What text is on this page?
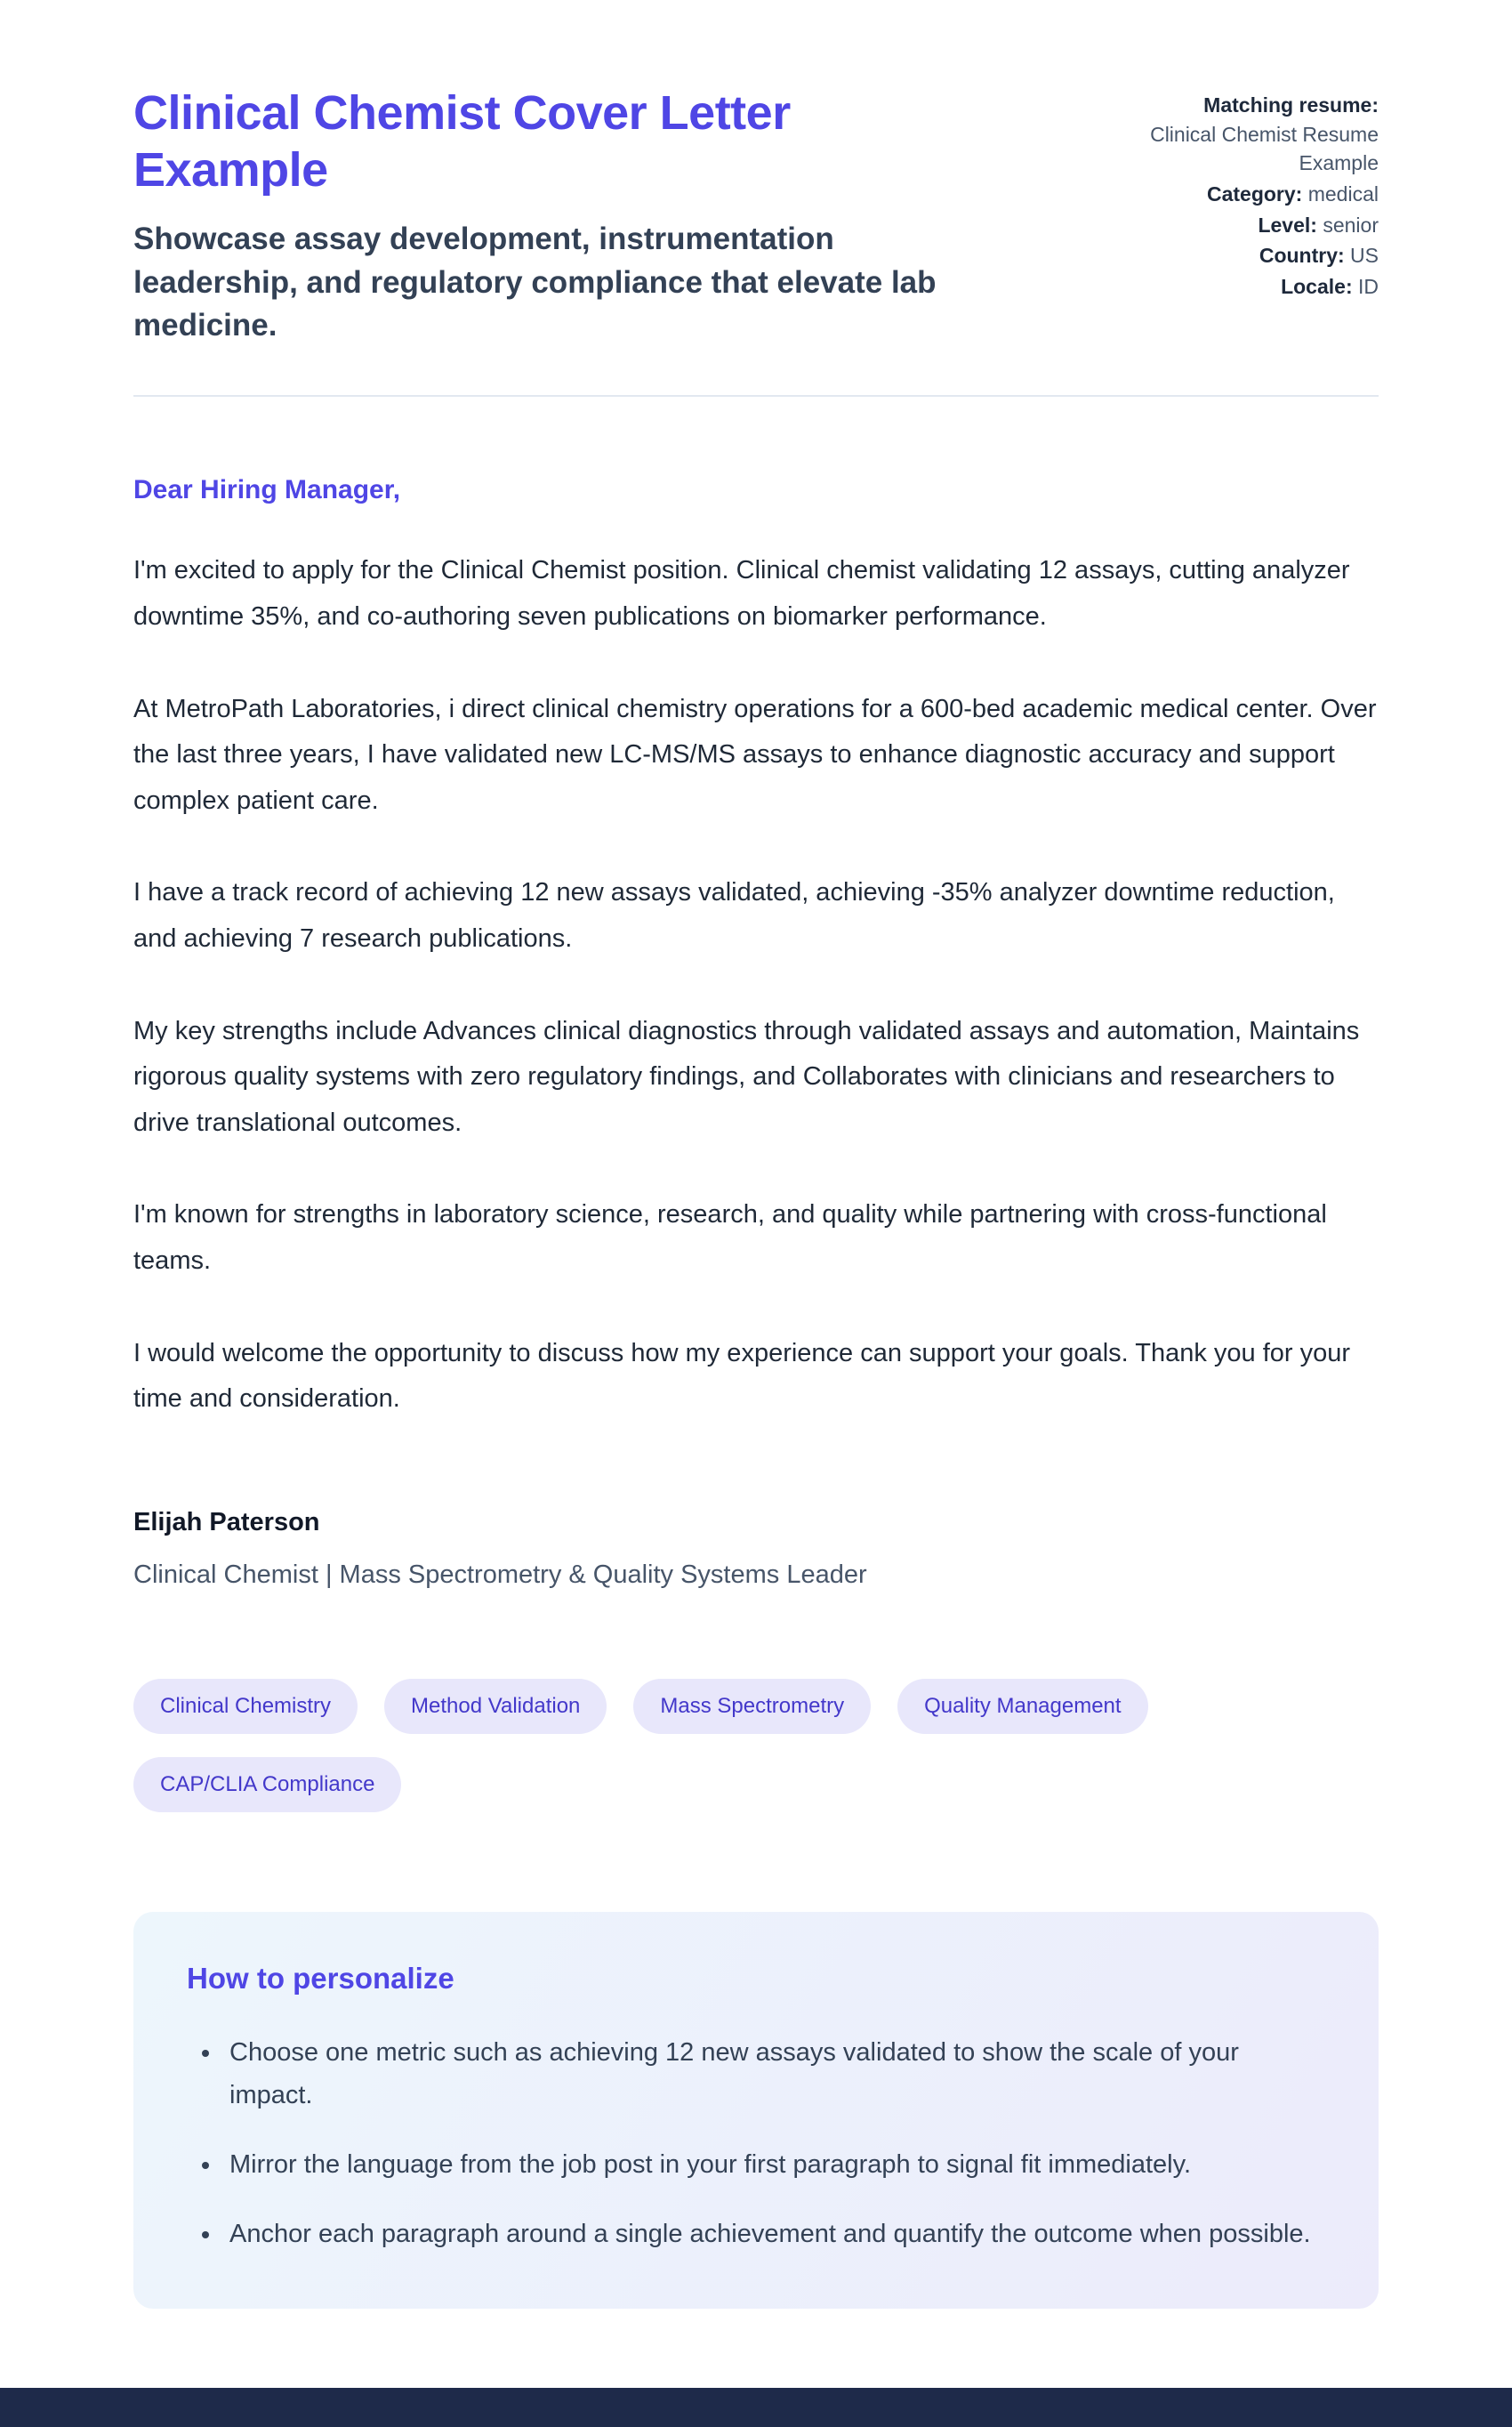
Clinical Chemist Cover Letter Example

Showcase assay development, instrumentation leadership, and regulatory compliance that elevate lab medicine.

Matching resume:
Clinical Chemist Resume Example
Category: medical
Level: senior
Country: US
Locale: ID

Dear Hiring Manager,

I'm excited to apply for the Clinical Chemist position. Clinical chemist validating 12 assays, cutting analyzer downtime 35%, and co-authoring seven publications on biomarker performance.

At MetroPath Laboratories, i direct clinical chemistry operations for a 600-bed academic medical center. Over the last three years, I have validated new LC-MS/MS assays to enhance diagnostic accuracy and support complex patient care.

I have a track record of achieving 12 new assays validated, achieving -35% analyzer downtime reduction, and achieving 7 research publications.

My key strengths include Advances clinical diagnostics through validated assays and automation, Maintains rigorous quality systems with zero regulatory findings, and Collaborates with clinicians and researchers to drive translational outcomes.

I'm known for strengths in laboratory science, research, and quality while partnering with cross-functional teams.

I would welcome the opportunity to discuss how my experience can support your goals. Thank you for your time and consideration.

Elijah Paterson

Clinical Chemist | Mass Spectrometry & Quality Systems Leader

Clinical Chemistry	Method Validation	Mass Spectrometry	Quality Management
CAP/CLIA Compliance
How to personalize
• Choose one metric such as achieving 12 new assays validated to show the scale of your impact.
• Mirror the language from the job post in your first paragraph to signal fit immediately.
• Anchor each paragraph around a single achievement and quantify the outcome when possible.
